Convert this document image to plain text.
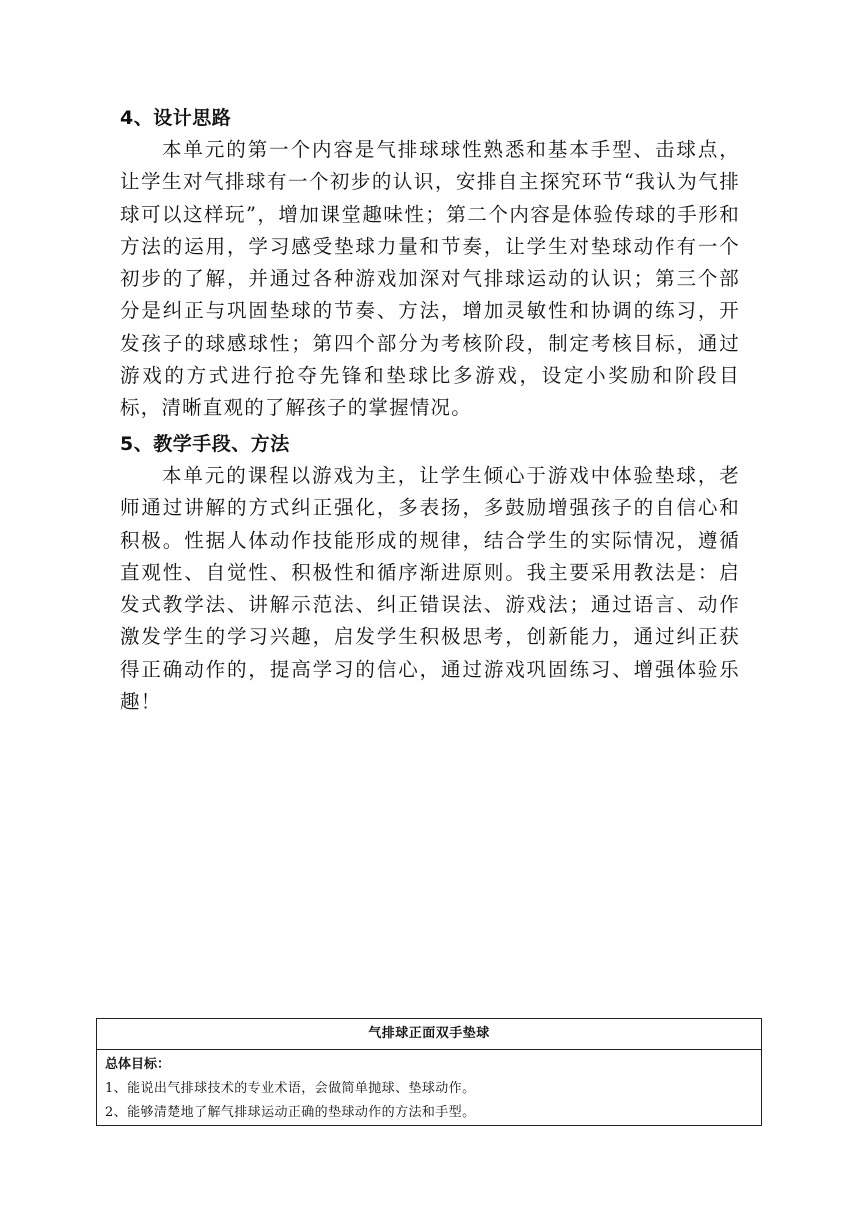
4、设计思路

本单元的第一个内容是气排球球性熟悉和基本手型、击球点，让学生对气排球有一个初步的认识，安排自主探究环节“我认为气排球可以这样玩”，增加课堂趣味性；第二个内容是体验传球的手形和方法的运用，学习感受垫球力量和节奏，让学生对垫球动作有一个初步的了解，并通过各种游戏加深对气排球运动的认识；第三个部分是纠正与巩固垫球的节奏、方法，增加灵敏性和协调的练习，开发孩子的球感球性；第四个部分为考核阶段，制定考核目标，通过游戏的方式进行抢夺先锋和垫球比多游戏，设定小奖励和阶段目标，清晰直观的了解孩子的掌握情况。

5、教学手段、方法

本单元的课程以游戏为主，让学生倾心于游戏中体验垫球，老师通过讲解的方式纠正强化，多表扬，多鼓励增强孩子的自信心和积极。性据人体动作技能形成的规律，结合学生的实际情况，遵循直观性、自觉性、积极性和循序渐进原则。我主要采用教法是：启发式教学法、讲解示范法、纠正错误法、游戏法；通过语言、动作激发学生的学习兴趣，启发学生积极思考，创新能力，通过纠正获得正确动作的，提高学习的信心，通过游戏巩固练习、增强体验乐趣！

气排球正面双手垫球
总体目标：
1、能说出气排球技术的专业术语，会做简单抛球、垫球动作。
2、能够清楚地了解气排球运动正确的垫球动作的方法和手型。
